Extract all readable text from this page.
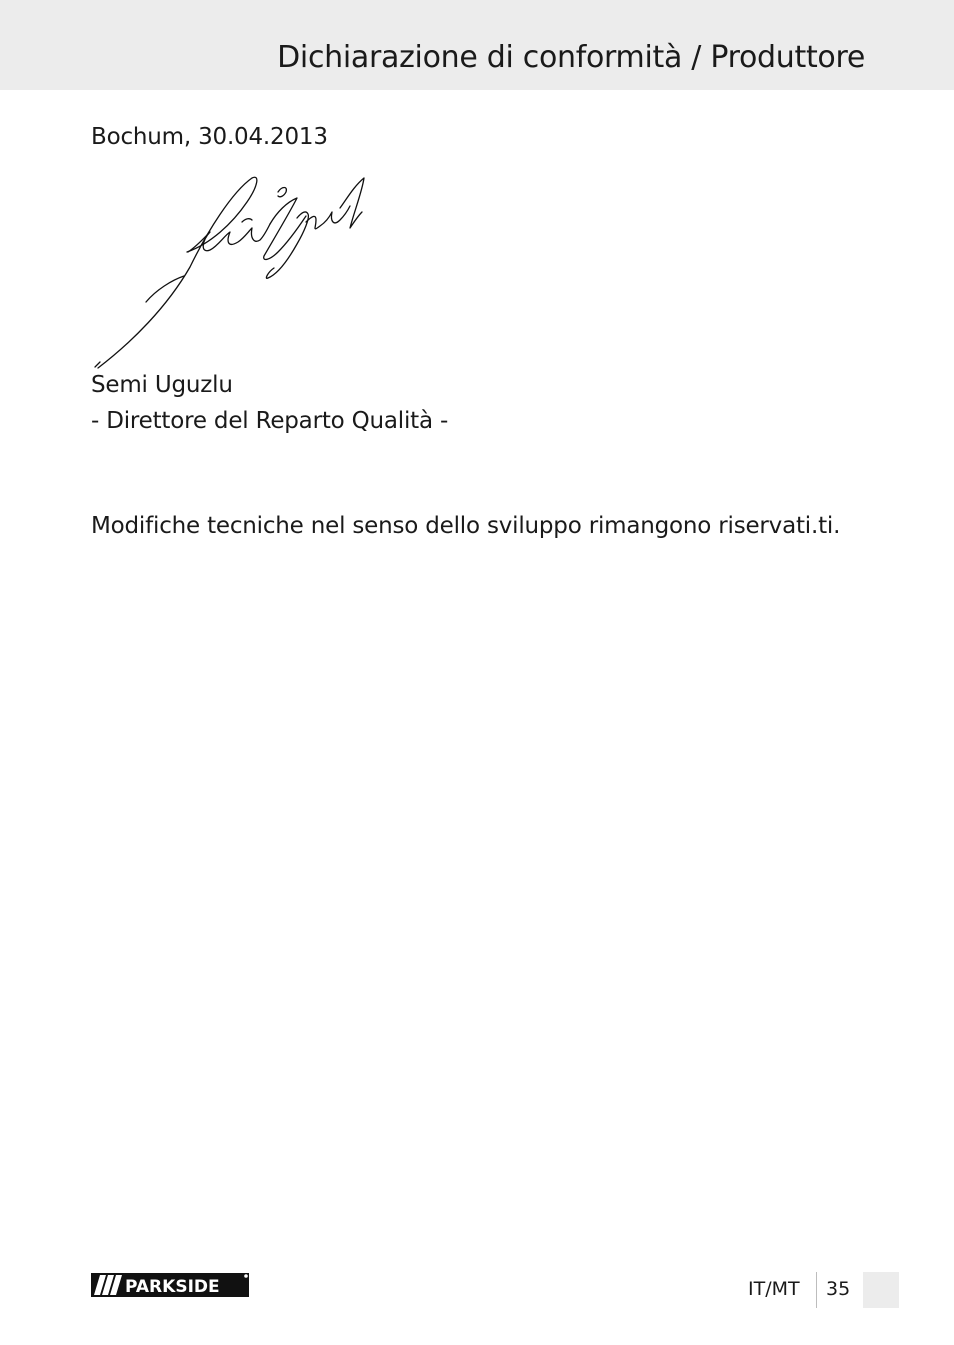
Dichiarazione di conformità / Produttore
Bochum, 30.04.2013
Semi Uguzlu
- Direttore del Reparto Qualità -
Modifiche tecniche nel senso dello sviluppo rimangono riservati.ti.
PARKSIDE	IT/MT 35
